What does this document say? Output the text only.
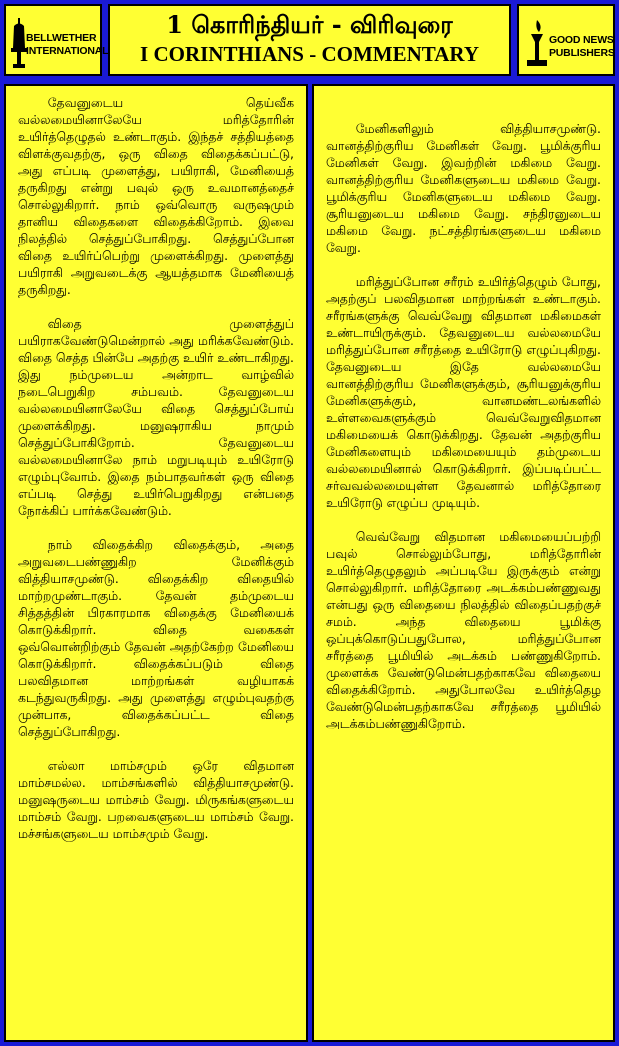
BELLWETHER
INTERNATIONAL
1 கொரிந்தியர் - விரிவுரை
I CORINTHIANS - COMMENTARY
GOOD NEWS
PUBLISHERS

தேவனுடைய தெய்வீக வல்லமையினாலேயே மரித்தோரின் உயிர்த்தெழுதல் உண்டாகும். இந்தச் சத்தியத்தை விளக்குவதற்கு, ஒரு விதை விதைக்கப்பட்டு, அது எப்படி முளைத்து, பயிராகி, மேனியைத் தருகிறது என்று பவுல் ஒரு உவமானத்தைச் சொல்லுகிறார். நாம் ஒவ்வொரு வருஷமும் தானிய விதைகளை விதைக்கிறோம். இவை நிலத்தில் செத்துப்போகிறது. செத்துப்போன விதை உயிர்ப்பெற்று முளைக்கிறது. முளைத்து பயிராகி அறுவடைக்கு ஆயத்தமாக மேனியைத் தருகிறது.

விதை முளைத்துப் பயிராகவேண்டுமென்றால் அது மரிக்கவேண்டும். விதை செத்த பின்பே அதற்கு உயிர் உண்டாகிறது. இது நம்முடைய அன்றாட வாழ்வில் நடைபெறுகிற சம்பவம். தேவனுடைய வல்லமையினாலேயே விதை செத்துப்போய் முளைக்கிறது. மனுஷராகிய நாமும் செத்துப்போகிறோம். தேவனுடைய வல்லமையினாலே நாம் மறுபடியும் உயிரோடு எழும்புவோம். இதை நம்பாதவர்கள் ஒரு விதை எப்படி செத்து உயிர்பெறுகிறது என்பதை நோக்கிப் பார்க்கவேண்டும்.

நாம் விதைக்கிற விதைக்கும், அதை அறுவடைபண்ணுகிற மேனிக்கும் வித்தியாசமுண்டு. விதைக்கிற விதையில் மாற்றமுண்டாகும். தேவன் தம்முடைய சித்தத்தின் பிரகாரமாக விதைக்கு மேனியைக் கொடுக்கிறார். விதை வகைகள் ஒவ்வொன்றிற்கும் தேவன் அதற்கேற்ற மேனியை கொடுக்கிறார். விதைக்கப்படும் விதை பலவிதமான மாற்றங்கள் வழியாகக் கடந்துவருகிறது. அது முளைத்து எழும்புவதற்கு முன்பாக, விதைக்கப்பட்ட விதை செத்துப்போகிறது.

எல்லா மாம்சமும் ஒரே விதமான மாம்சமல்ல. மாம்சங்களில் வித்தியாசமுண்டு. மனுஷருடைய மாம்சம் வேறு. மிருகங்களுடைய மாம்சம் வேறு. பறவைகளுடைய மாம்சம் வேறு. மச்சங்களுடைய மாம்சமும் வேறு.

மேனிகளிலும் வித்தியாசமுண்டு. வானத்திற்குரிய மேனிகள் வேறு. பூமிக்குரிய மேனிகள் வேறு. இவற்றின் மகிமை வேறு. வானத்திற்குரிய மேனிகளுடைய மகிமை வேறு. பூமிக்குரிய மேனிகளுடைய மகிமை வேறு. சூரியனுடைய மகிமை வேறு. சந்திரனுடைய மகிமை வேறு. நட்சத்திரங்களுடைய மகிமை வேறு.

மரித்துப்போன சரீரம் உயிர்த்தெழும் போது, அதற்குப் பலவிதமான மாற்றங்கள் உண்டாகும். சரீரங்களுக்கு வெவ்வேறு விதமான மகிமைகள் உண்டாயிருக்கும். தேவனுடைய வல்லமையே மரித்துப்போன சரீரத்தை உயிரோடு எழுப்புகிறது. தேவனுடைய இதே வல்லமையே வானத்திற்குரிய மேனிகளுக்கும், சூரியனுக்குரிய மேனிகளுக்கும், வானமண்டலங்களில் உள்ளவைகளுக்கும் வெவ்வேறுவிதமான மகிமையைக் கொடுக்கிறது. தேவன் அதற்குரிய மேனிகளையும் மகிமையையும் தம்முடைய வல்லமையினால் கொடுக்கிறார். இப்படிப்பட்ட சர்வவல்லமையுள்ள தேவனால் மரித்தோரை உயிரோடு எழுப்ப முடியும்.

வெவ்வேறு விதமான மகிமையைப்பற்றி பவுல் சொல்லும்போது, மரித்தோரின் உயிர்த்தெழுதலும் அப்படியே இருக்கும் என்று சொல்லுகிறார். மரித்தோரை அடக்கம்பண்ணுவது என்பது ஒரு விதையை நிலத்தில் விதைப்பதற்குச் சமம். அந்த விதையை பூமிக்கு ஒப்புக்கொடுப்பதுபோல, மரித்துப்போன சரீரத்தை பூமியில் அடக்கம் பண்ணுகிறோம். முளைக்க வேண்டுமென்பதற்காகவே விதையை விதைக்கிறோம். அதுபோலவே உயிர்த்தெழ வேண்டுமென்பதற்காகவே சரீரத்தை பூமியில் அடக்கம்பண்ணுகிறோம்.
